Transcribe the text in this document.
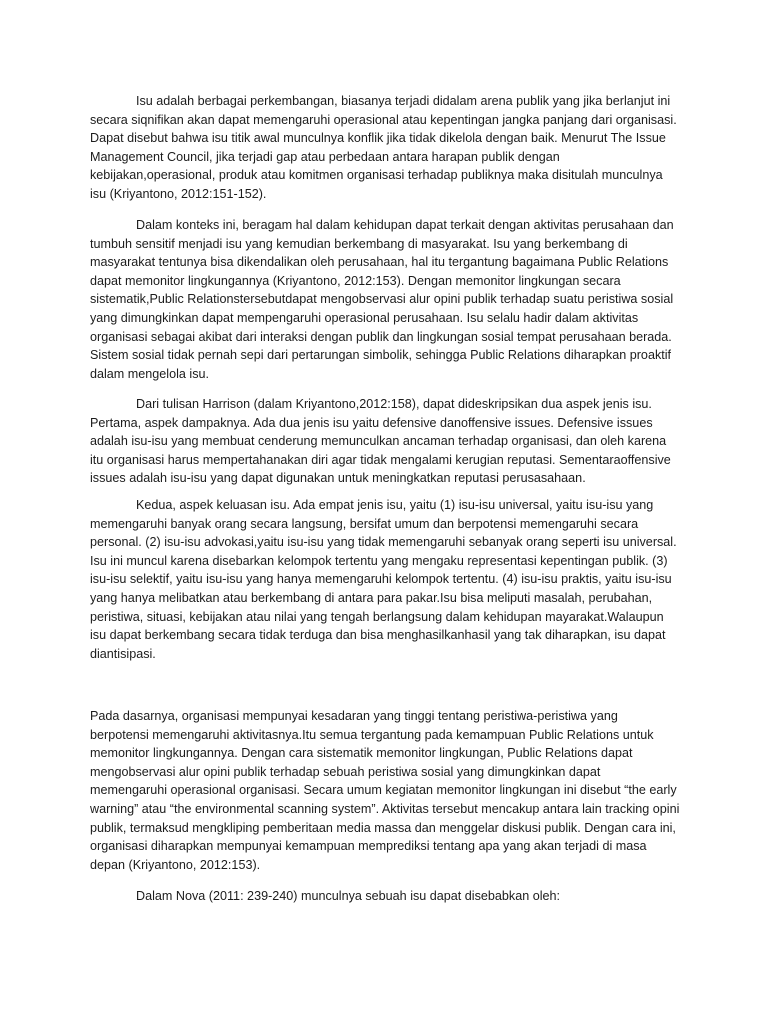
Isu adalah berbagai perkembangan, biasanya terjadi didalam arena publik yang jika berlanjut ini secara siqnifikan akan dapat memengaruhi operasional atau kepentingan jangka panjang dari organisasi. Dapat disebut bahwa isu titik awal munculnya konflik jika tidak dikelola dengan baik. Menurut The Issue Management Council, jika terjadi gap atau perbedaan antara harapan publik dengan kebijakan,operasional, produk atau komitmen organisasi terhadap publiknya maka disitulah munculnya isu (Kriyantono, 2012:151-152).

Dalam konteks ini, beragam hal dalam kehidupan dapat terkait dengan aktivitas perusahaan dan tumbuh sensitif menjadi isu yang kemudian berkembang di masyarakat. Isu yang berkembang di masyarakat tentunya bisa dikendalikan oleh perusahaan, hal itu tergantung bagaimana Public Relations dapat memonitor lingkungannya (Kriyantono, 2012:153). Dengan memonitor lingkungan secara sistematik,Public Relationstersebutdapat mengobservasi alur opini publik terhadap suatu peristiwa sosial yang dimungkinkan dapat mempengaruhi operasional perusahaan. Isu selalu hadir dalam aktivitas organisasi sebagai akibat dari interaksi dengan publik dan lingkungan sosial tempat perusahaan berada. Sistem sosial tidak pernah sepi dari pertarungan simbolik, sehingga Public Relations diharapkan proaktif dalam mengelola isu.

Dari tulisan Harrison (dalam Kriyantono,2012:158), dapat dideskripsikan dua aspek jenis isu. Pertama, aspek dampaknya. Ada dua jenis isu yaitu defensive danoffensive issues. Defensive issues adalah isu-isu yang membuat cenderung memunculkan ancaman terhadap organisasi, dan oleh karena itu organisasi harus mempertahanakan diri agar tidak mengalami kerugian reputasi. Sementaraoffensive issues adalah isu-isu yang dapat digunakan untuk meningkatkan reputasi perusasahaan.

Kedua, aspek keluasan isu. Ada empat jenis isu, yaitu (1) isu-isu universal, yaitu isu-isu yang memengaruhi banyak orang secara langsung, bersifat umum dan berpotensi memengaruhi secara personal. (2) isu-isu advokasi,yaitu isu-isu yang tidak memengaruhi sebanyak orang seperti isu universal. Isu ini muncul karena disebarkan kelompok tertentu yang mengaku representasi kepentingan publik. (3) isu-isu selektif, yaitu isu-isu yang hanya memengaruhi kelompok tertentu. (4) isu-isu praktis, yaitu isu-isu yang hanya melibatkan atau berkembang di antara para pakar.Isu bisa meliputi masalah, perubahan, peristiwa, situasi, kebijakan atau nilai yang tengah berlangsung dalam kehidupan mayarakat.Walaupun isu dapat berkembang secara tidak terduga dan bisa menghasilkanhasil yang tak diharapkan, isu dapat diantisipasi.

Pada dasarnya, organisasi mempunyai kesadaran yang tinggi tentang peristiwa-peristiwa yang berpotensi memengaruhi aktivitasnya.Itu semua tergantung pada kemampuan Public Relations untuk memonitor lingkungannya. Dengan cara sistematik memonitor lingkungan, Public Relations dapat mengobservasi alur opini publik terhadap sebuah peristiwa sosial yang dimungkinkan dapat memengaruhi operasional organisasi. Secara umum kegiatan memonitor lingkungan ini disebut “the early warning” atau “the environmental scanning system”. Aktivitas tersebut mencakup antara lain tracking opini publik, termaksud mengkliping pemberitaan media massa dan menggelar diskusi publik. Dengan cara ini, organisasi diharapkan mempunyai kemampuan memprediksi tentang apa yang akan terjadi di masa depan (Kriyantono, 2012:153).

Dalam Nova (2011: 239-240) munculnya sebuah isu dapat disebabkan oleh:
